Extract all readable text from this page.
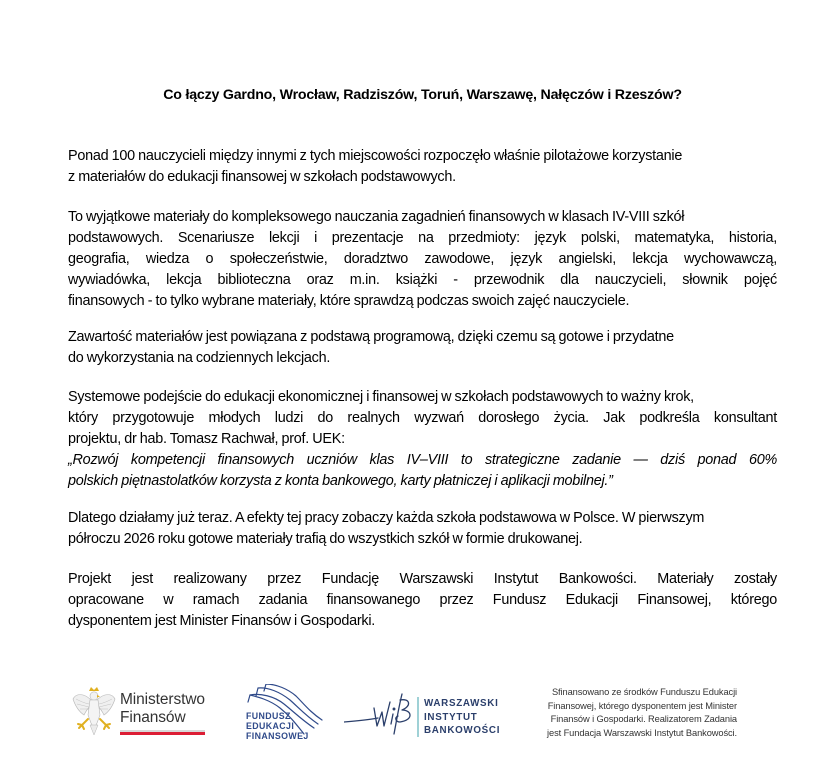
Co łączy Gardno, Wrocław, Radziszów, Toruń, Warszawę, Nałęczów i Rzeszów?
Ponad 100 nauczycieli między innymi z tych miejscowości rozpoczęło właśnie pilotażowe korzystanie
z materiałów do edukacji finansowej w szkołach podstawowych.
To wyjątkowe materiały do kompleksowego nauczania zagadnień finansowych w klasach IV-VIII szkół
podstawowych. Scenariusze lekcji i prezentacje na przedmioty: język polski, matematyka, historia,
geografia, wiedza o społeczeństwie, doradztwo zawodowe, język angielski, lekcja wychowawczą,
wywiadówka, lekcja biblioteczna oraz m.in. książki - przewodnik dla nauczycieli, słownik pojęć
finansowych - to tylko wybrane materiały, które sprawdzą podczas swoich zajęć nauczyciele.
Zawartość materiałów jest powiązana z podstawą programową, dzięki czemu są gotowe i przydatne
do wykorzystania na codziennych lekcjach.
Systemowe podejście do edukacji ekonomicznej i finansowej w szkołach podstawowych to ważny krok,
który przygotowuje młodych ludzi do realnych wyzwań dorosłego życia. Jak podkreśla konsultant
projektu, dr hab. Tomasz Rachwał, prof. UEK:
„Rozwój kompetencji finansowych uczniów klas IV–VIII to strategiczne zadanie — dziś ponad 60%
polskich piętnastolatków korzysta z konta bankowego, karty płatniczej i aplikacji mobilnej.”
Dlatego działamy już teraz. A efekty tej pracy zobaczy każda szkoła podstawowa w Polsce. W pierwszym
półroczu 2026 roku gotowe materiały trafią do wszystkich szkół w formie drukowanej.
Projekt jest realizowany przez Fundację Warszawski Instytut Bankowości. Materiały zostały
opracowane w ramach zadania finansowanego przez Fundusz Edukacji Finansowej, którego
dysponentem jest Minister Finansów i Gospodarki.
Ministerstwo
Finansów	FUNDUSZ
EDUKACJI
FINANSOWEJ
WARSZAWSKI
INSTYTUT
BANKOWOŚCI
Sfinansowano ze środków Funduszu Edukacji
Finansowej, którego dysponentem jest Minister
Finansów i Gospodarki. Realizatorem Zadania
jest Fundacja Warszawski Instytut Bankowości.
